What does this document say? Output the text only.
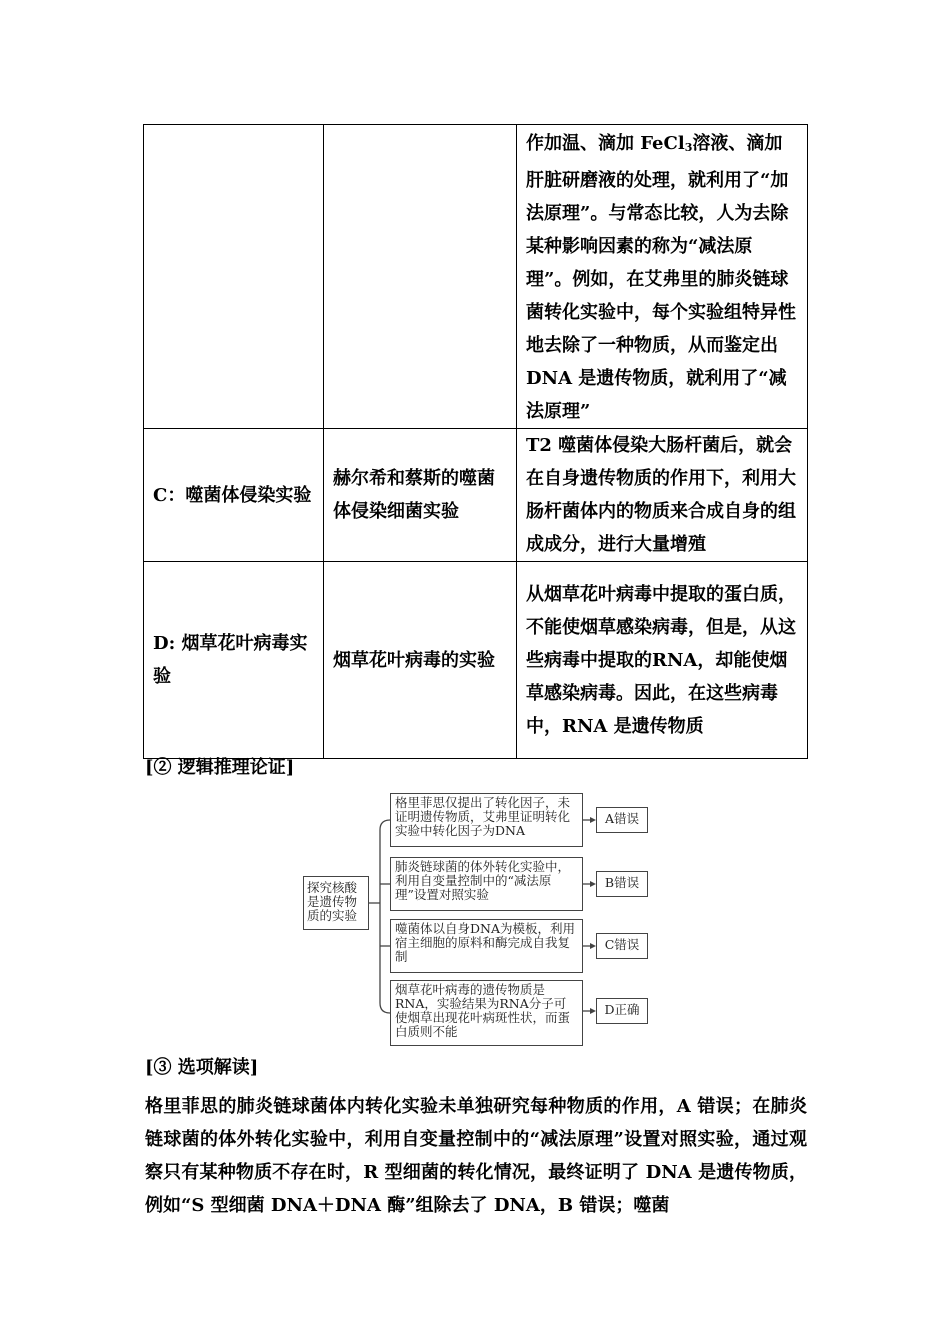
		作加温、滴加 FeCl$_3$溶液、滴加肝脏研磨液的处理，就利用了“加法原理”。与常态比较，人为去除某种影响因素的称为“减法原理”。例如，在艾弗里的肺炎链球菌转化实验中，每个实验组特异性地去除了一种物质，从而鉴定出 DNA 是遗传物质，就利用了“减法原理”
C：噬菌体侵染实验	赫尔希和蔡斯的噬菌体侵染细菌实验	T2 噬菌体侵染大肠杆菌后，就会在自身遗传物质的作用下，利用大肠杆菌体内的物质来合成自身的组成成分，进行大量增殖
D: 烟草花叶病毒实验	烟草花叶病毒的实验	从烟草花叶病毒中提取的蛋白质，不能使烟草感染病毒，但是，从这些病毒中提取的RNA，却能使烟草感染病毒。因此，在这些病毒中，RNA 是遗传物质
[② 逻辑推理论证]
探究核酸是遗传物质的实验
格里菲思仅提出了转化因子，未证明遗传物质，艾弗里证明转化实验中转化因子为DNA
肺炎链球菌的体外转化实验中，利用自变量控制中的“减法原理”设置对照实验
噬菌体以自身DNA为模板，利用宿主细胞的原料和酶完成自我复制
烟草花叶病毒的遗传物质是RNA，实验结果为RNA分子可使烟草出现花叶病斑性状，而蛋白质则不能
A错误
B错误
C错误
D正确
[③ 选项解读]
格里菲思的肺炎链球菌体内转化实验未单独研究每种物质的作用，A 错误；在肺炎链球菌的体外转化实验中，利用自变量控制中的“减法原理”设置对照实验，通过观察只有某种物质不存在时，R 型细菌的转化情况，最终证明了 DNA 是遗传物质，例如“S 型细菌 DNA＋DNA 酶”组除去了 DNA，B 错误；噬菌
